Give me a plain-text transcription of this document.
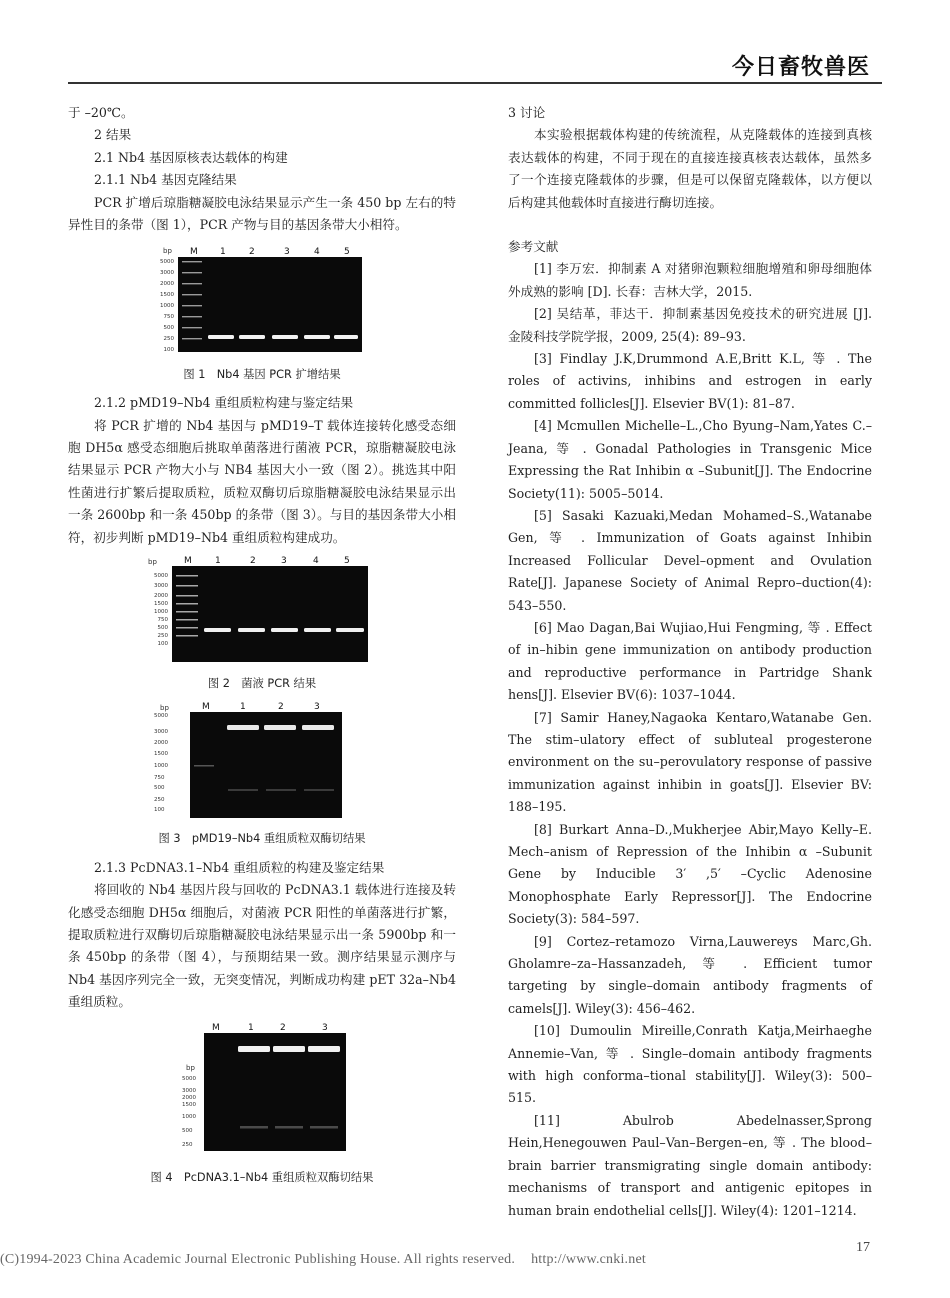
今日畜牧兽医

于 –20℃。

2 结果

2.1 Nb4 基因原核表达载体的构建

2.1.1 Nb4 基因克隆结果

PCR 扩增后琼脂糖凝胶电泳结果显示产生一条 450 bp 左右的特异性目的条带（图 1），PCR 产物与目的基因条带大小相符。

bp M 1	2	3	4	5
5000
3000
2000
1500
1000
750
500
250
100
图 1　Nb4 基因 PCR 扩增结果

2.1.2 pMD19–Nb4 重组质粒构建与鉴定结果

将 PCR 扩增的 Nb4 基因与 pMD19–T 载体连接转化感受态细胞 DH5α 感受态细胞后挑取单菌落进行菌液 PCR，琼脂糖凝胶电泳结果显示 PCR 产物大小与 NB4 基因大小一致（图 2）。挑选其中阳性菌进行扩繁后提取质粒，质粒双酶切后琼脂糖凝胶电泳结果显示出一条 2600bp 和一条 450bp 的条带（图 3）。与目的基因条带大小相符，初步判断 pMD19–Nb4 重组质粒构建成功。

bp	M	1	2	3	4	5
5000
3000
2000
1500
1000
750
500
250
100
图 2　菌液 PCR 结果
bp	M	1	2	3
5000
3000
2000
1500
1000
750
500
250
100
图 3　pMD19–Nb4 重组质粒双酶切结果

2.1.3 PcDNA3.1–Nb4 重组质粒的构建及鉴定结果

将回收的 Nb4 基因片段与回收的 PcDNA3.1 载体进行连接及转化感受态细胞 DH5α 细胞后，对菌液 PCR 阳性的单菌落进行扩繁，提取质粒进行双酶切后琼脂糖凝胶电泳结果显示出一条 5900bp 和一条 450bp 的条带（图 4），与预期结果一致。测序结果显示测序与 Nb4 基因序列完全一致，无突变情况，判断成功构建 pET 32a–Nb4 重组质粒。

bp
M	1	2	3
5000
3000
2000
1500
1000
500
250
图 4　PcDNA3.1–Nb4 重组质粒双酶切结果

3 讨论

本实验根据载体构建的传统流程，从克隆载体的连接到真核表达载体的构建，不同于现在的直接连接真核表达载体，虽然多了一个连接克隆载体的步骤，但是可以保留克隆载体，以方便以后构建其他载体时直接进行酶切连接。

参考文献

[1] 李万宏．抑制素 A 对猪卵泡颗粒细胞增殖和卵母细胞体外成熟的影响 [D]. 长春：吉林大学，2015.

[2] 吴结革，菲达干．抑制素基因免疫技术的研究进展 [J]. 金陵科技学院学报，2009, 25(4): 89–93.

[3] Findlay J.K,Drummond A.E,Britt K.L, 等 . The roles of activins, inhibins and estrogen in early committed follicles[J]. Elsevier BV(1): 81–87.

[4] Mcmullen Michelle–L.,Cho Byung–Nam,Yates C.–Jeana, 等 . Gonadal Pathologies in Transgenic Mice Expressing the Rat Inhibin α –Subunit[J]. The Endocrine Society(11): 5005–5014.

[5] Sasaki Kazuaki,Medan Mohamed–S.,Watanabe Gen, 等 . Immunization of Goats against Inhibin Increased Follicular Devel–opment and Ovulation Rate[J]. Japanese Society of Animal Repro–duction(4): 543–550.

[6] Mao Dagan,Bai Wujiao,Hui Fengming, 等 . Effect of in–hibin gene immunization on antibody production and reproductive performance in Partridge Shank hens[J]. Elsevier BV(6): 1037–1044.

[7] Samir Haney,Nagaoka Kentaro,Watanabe Gen. The stim–ulatory effect of subluteal progesterone environment on the su–perovulatory response of passive immunization against inhibin in goats[J]. Elsevier BV: 188–195.

[8] Burkart Anna–D.,Mukherjee Abir,Mayo Kelly–E. Mech–anism of Repression of the Inhibin α –Subunit Gene by Inducible 3′ ,5′ –Cyclic Adenosine Monophosphate Early Repressor[J]. The Endocrine Society(3): 584–597.

[9] Cortez–retamozo Virna,Lauwereys Marc,Gh. Gholamre–za–Hassanzadeh, 等 . Efficient tumor targeting by single–domain antibody fragments of camels[J]. Wiley(3): 456–462.

[10] Dumoulin Mireille,Conrath Katja,Meirhaeghe Annemie–Van, 等 . Single–domain antibody fragments with high conforma–tional stability[J]. Wiley(3): 500–515.

[11] Abulrob Abedelnasser,Sprong Hein,Henegouwen Paul–Van–Bergen–en, 等 . The blood–brain barrier transmigrating single domain antibody: mechanisms of transport and antigenic epitopes in human brain endothelial cells[J]. Wiley(4): 1201–1214.

17
(C)1994-2023 China Academic Journal Electronic Publishing House. All rights reserved. http://www.cnki.net
